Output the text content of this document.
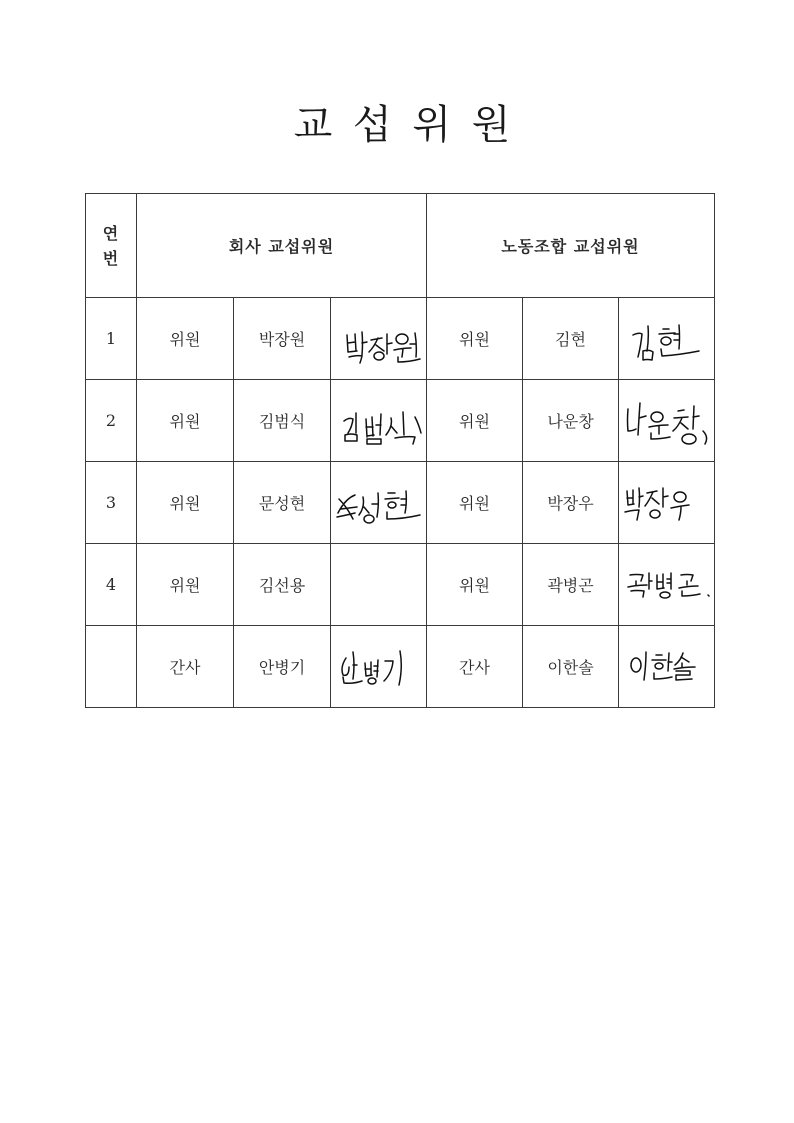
교 섭 위 원
연
번	회사 교섭위원			노동조합 교섭위원		
1	위원	박장원		위원	김현	

2	위원	김범식		위원	나운창	

3	위원	문성현		위원	박장우	

4	위원	김선용		위원	곽병곤	

	간사	안병기		간사	이한솔	
